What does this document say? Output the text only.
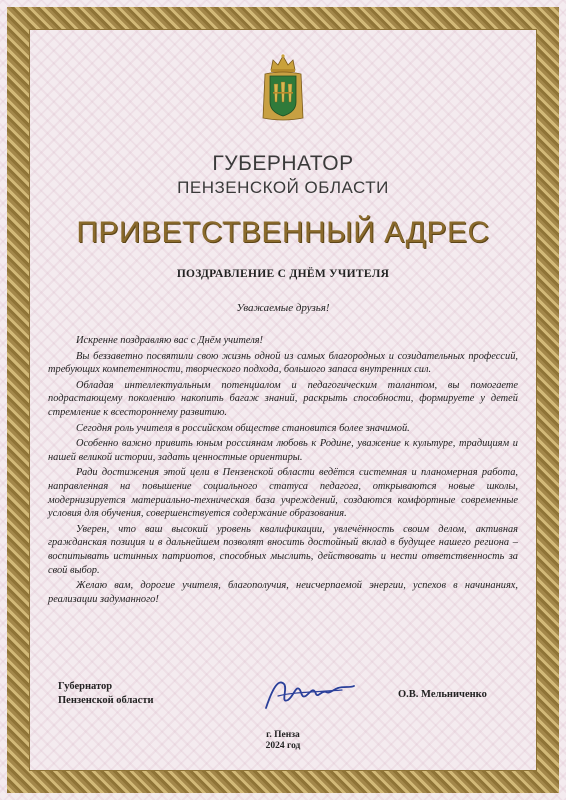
ГУБЕРНАТОР
ПЕНЗЕНСКОЙ ОБЛАСТИ
ПРИВЕТСТВЕННЫЙ АДРЕС
ПОЗДРАВЛЕНИЕ С ДНЁМ УЧИТЕЛЯ
Уважаемые друзья!

Искренне поздравляю вас с Днём учителя!

Вы беззаветно посвятили свою жизнь одной из самых благородных и созидательных профессий, требующих компетентности, творческого подхода, большого запаса внутренних сил.

Обладая интеллектуальным потенциалом и педагогическим талантом, вы помогаете подрастающему поколению накопить багаж знаний, раскрыть способности, формируете у детей стремление к всестороннему развитию.

Сегодня роль учителя в российском обществе становится более значимой.

Особенно важно привить юным россиянам любовь к Родине, уважение к культуре, традициям и нашей великой истории, задать ценностные ориентиры.

Ради достижения этой цели в Пензенской области ведётся системная и планомерная работа, направленная на повышение социального статуса педагога, открываются новые школы, модернизируется материально-техническая база учреждений, создаются комфортные современные условия для обучения, совершенствуется содержание образования.

Уверен, что ваш высокий уровень квалификации, увлечённость своим делом, активная гражданская позиция и в дальнейшем позволят вносить достойный вклад в будущее нашего региона – воспитывать истинных патриотов, способных мыслить, действовать и нести ответственность за свой выбор.

Желаю вам, дорогие учителя, благополучия, неисчерпаемой энергии, успехов в начинаниях, реализации задуманного!

Губернатор
Пензенской области
О.В. Мельниченко
г. Пенза
2024 год
